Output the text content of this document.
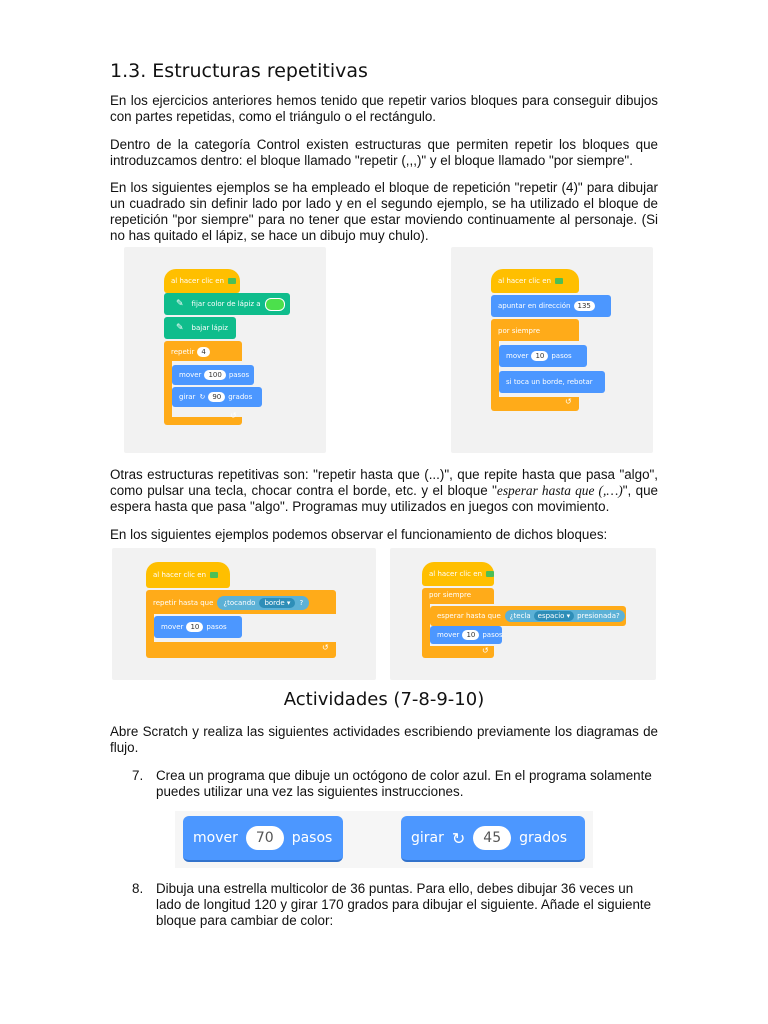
1.3. Estructuras repetitivas

En los ejercicios anteriores hemos tenido que repetir varios bloques para conseguir dibujos con partes repetidas, como el triángulo o el rectángulo.

Dentro de la categoría Control existen estructuras que permiten repetir los bloques que introduzcamos dentro: el bloque llamado "repetir (,,,)" y el bloque llamado "por siempre".

En los siguientes ejemplos se ha empleado el bloque de repetición "repetir (4)" para dibujar un cuadrado sin definir lado por lado y en el segundo ejemplo, se ha utilizado el bloque de repetición "por siempre" para no tener que estar moviendo continuamente al personaje. (Si no has quitado el lápiz, se hace un dibujo muy chulo).

al hacer clic en
✎ fijar color de lápiz a
✎ bajar lápiz
repetir	4
mover	100	pasos
girar ↻	90	grados
↺
al hacer clic en
apuntar en dirección	135
por siempre
mover	10	pasos
si toca un borde, rebotar
↺

Otras estructuras repetitivas son: "repetir hasta que (...)", que repite hasta que pasa "algo", como pulsar una tecla, chocar contra el borde, etc. y el bloque "esperar hasta que (,…)", que espera hasta que pasa "algo". Programas muy utilizados en juegos con movimiento.

En los siguientes ejemplos podemos observar el funcionamiento de dichos bloques:

al hacer clic en
repetir hasta que ¿tocando	borde ▾	?
mover	10	pasos
↺
al hacer clic en
por siempre
esperar hasta que ¿tecla	espacio ▾	presionada?
mover	10	pasos
↺
Actividades (7-8-9-10)

Abre Scratch y realiza las siguientes actividades escribiendo previamente los diagramas de flujo.

7. Crea un programa que dibuje un octógono de color azul. En el programa solamente puedes utilizar una vez las siguientes instrucciones.
mover	70	pasos	girar ↻	45	grados
8. Dibuja una estrella multicolor de 36 puntas. Para ello, debes dibujar 36 veces un lado de longitud 120 y girar 170 grados para dibujar el siguiente. Añade el siguiente bloque para cambiar de color:
